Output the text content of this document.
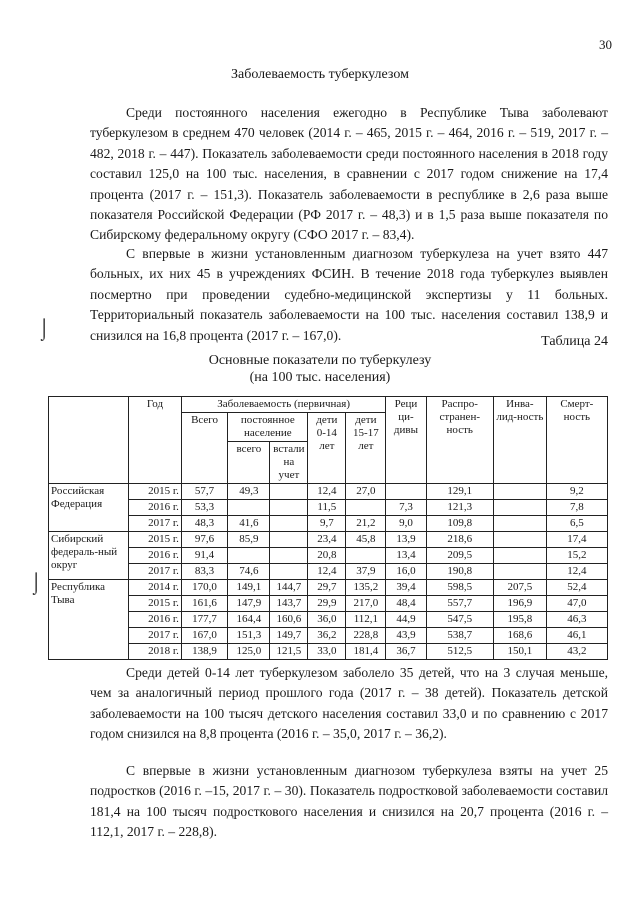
30
Заболеваемость туберкулезом

Среди постоянного населения ежегодно в Республике Тыва заболевают туберкулезом в среднем 470 человек (2014 г. – 465, 2015 г. – 464, 2016 г. – 519, 2017 г. – 482, 2018 г. – 447). Показатель заболеваемости среди постоянного населения в 2018 году составил 125,0 на 100 тыс. населения, в сравнении с 2017 годом снижение на 17,4 процента (2017 г. – 151,3). Показатель заболеваемости в республике в 2,6 раза выше показателя Российской Федерации (РФ 2017 г. – 48,3) и в 1,5 раза выше показателя по Сибирскому федеральному округу (СФО 2017 г. – 83,4).

С впервые в жизни установленным диагнозом туберкулеза на учет взято 447 больных, их них 45 в учреждениях ФСИН. В течение 2018 года туберкулез выявлен посмертно при проведении судебно-медицинской экспертизы у 11 больных. Территориальный показатель заболеваемости на 100 тыс. населения составил 138,9 и снизился на 16,8 процента (2017 г. – 167,0).

⌡
Таблица 24
Основные показатели по туберкулезу
(на 100 тыс. населения)
⌡
	Год	Заболеваемость (первичная)					Реци ци-дивы	Распро-странен-ность	Инва-лид-ность	Смерт-ность
		Всего	постоянное население		дети 0-14 лет	дети 15-17 лет				
			всего	встали на учет						
Российская Федерация	2015 г.	57,7	49,3		12,4	27,0		129,1		9,2
	2016 г.	53,3			11,5		7,3	121,3		7,8
	2017 г.	48,3	41,6		9,7	21,2	9,0	109,8		6,5
Сибирский федераль-ный округ	2015 г.	97,6	85,9		23,4	45,8	13,9	218,6		17,4
	2016 г.	91,4			20,8		13,4	209,5		15,2
	2017 г.	83,3	74,6		12,4	37,9	16,0	190,8		12,4
Республика Тыва	2014 г.	170,0	149,1	144,7	29,7	135,2	39,4	598,5	207,5	52,4
	2015 г.	161,6	147,9	143,7	29,9	217,0	48,4	557,7	196,9	47,0
	2016 г.	177,7	164,4	160,6	36,0	112,1	44,9	547,5	195,8	46,3
	2017 г.	167,0	151,3	149,7	36,2	228,8	43,9	538,7	168,6	46,1
	2018 г.	138,9	125,0	121,5	33,0	181,4	36,7	512,5	150,1	43,2

Среди детей 0-14 лет туберкулезом заболело 35 детей, что на 3 случая меньше, чем за аналогичный период прошлого года (2017 г. – 38 детей). Показатель детской заболеваемости на 100 тысяч детского населения составил 33,0 и по сравнению с 2017 годом снизился на 8,8 процента (2016 г. – 35,0, 2017 г. – 36,2).

С впервые в жизни установленным диагнозом туберкулеза взяты на учет 25 подростков (2016 г. –15, 2017 г. – 30). Показатель подростковой заболеваемости составил 181,4 на 100 тысяч подросткового населения и снизился на 20,7 процента (2016 г. – 112,1, 2017 г. – 228,8).
